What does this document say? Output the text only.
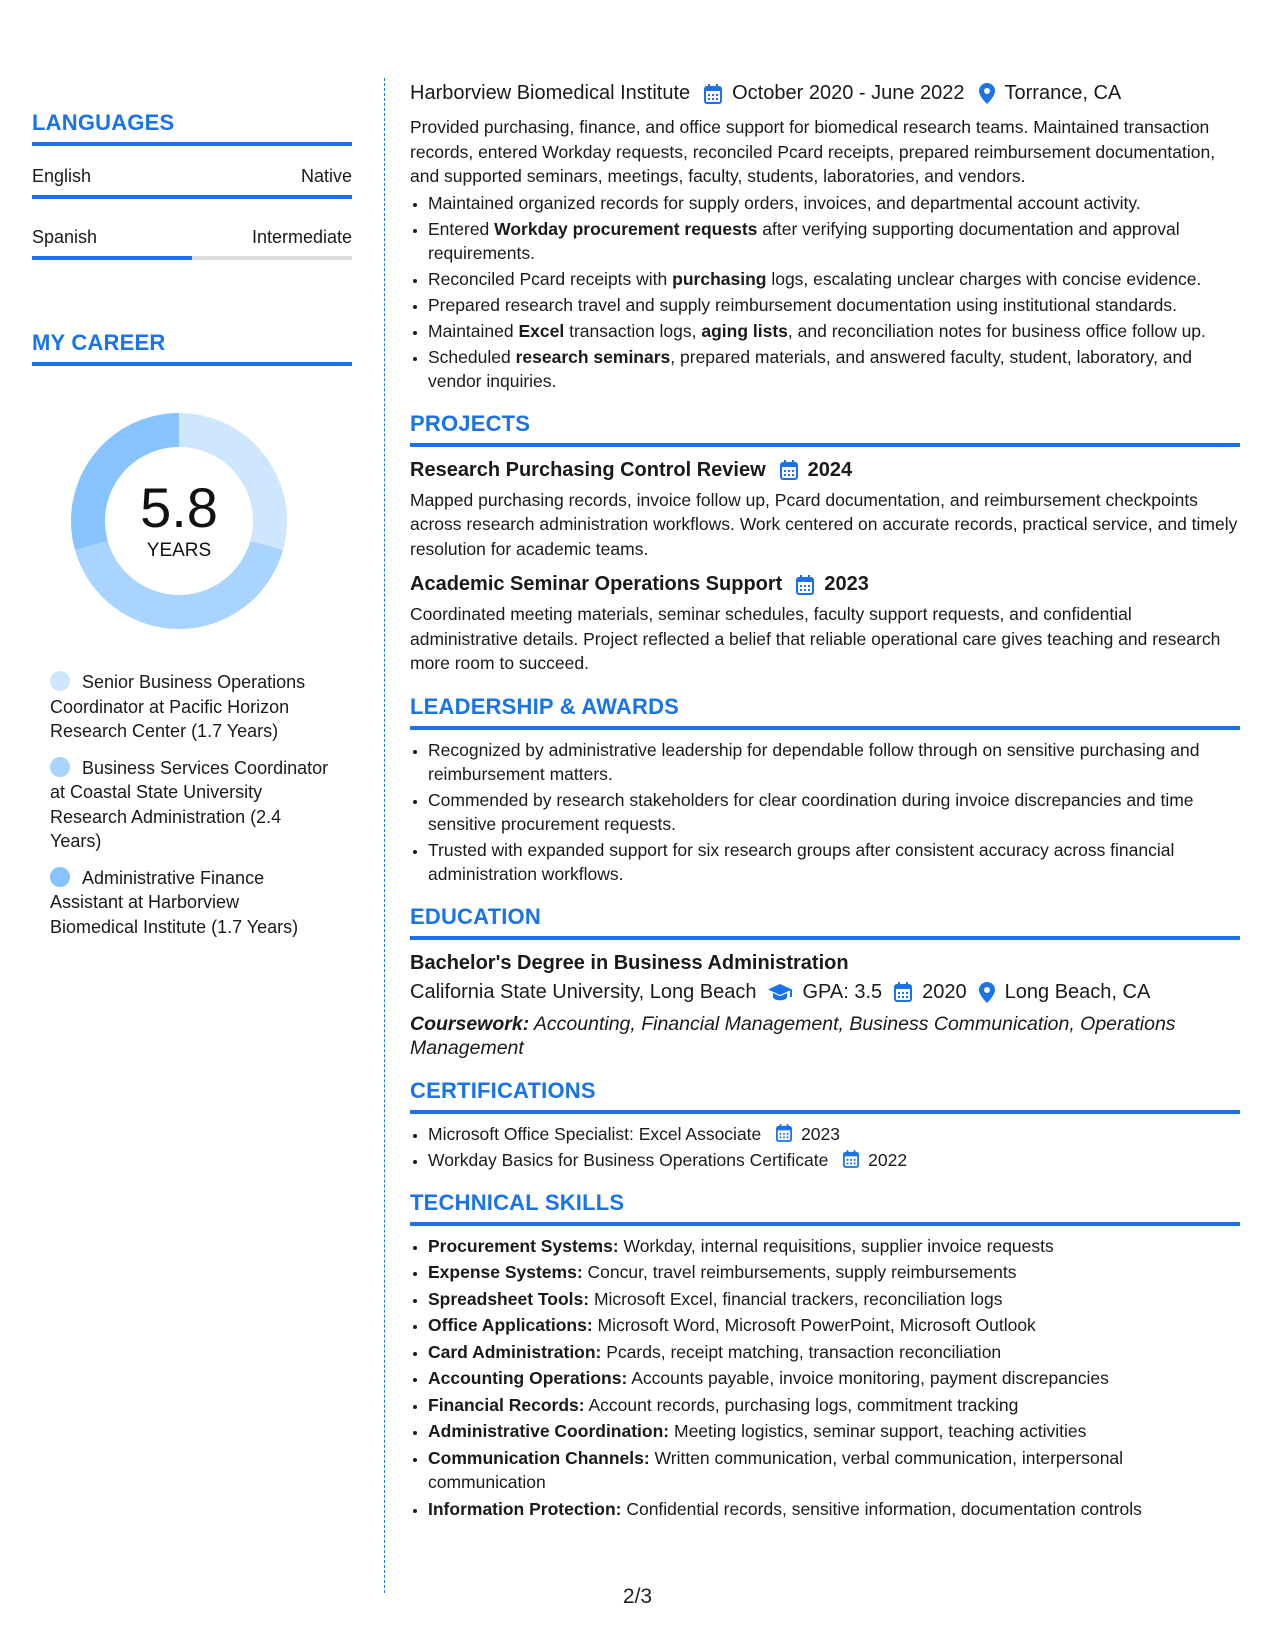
LANGUAGES
English	Native
Spanish	Intermediate
MY CAREER
5.8
YEARS
Senior Business Operations Coordinator at Pacific Horizon Research Center (1.7 Years)
Business Services Coordinator at Coastal State University Research Administration (2.4 Years)
Administrative Finance Assistant at Harborview Biomedical Institute (1.7 Years)
Harborview Biomedical Institute October 2020 - June 2022 Torrance, CA
Provided purchasing, finance, and office support for biomedical research teams. Maintained transaction records, entered Workday requests, reconciled Pcard receipts, prepared reimbursement documentation, and supported seminars, meetings, faculty, students, laboratories, and vendors.
• Maintained organized records for supply orders, invoices, and departmental account activity.
• Entered Workday procurement requests after verifying supporting documentation and approval requirements.
• Reconciled Pcard receipts with purchasing logs, escalating unclear charges with concise evidence.
• Prepared research travel and supply reimbursement documentation using institutional standards.
• Maintained Excel transaction logs, aging lists, and reconciliation notes for business office follow up.
• Scheduled research seminars, prepared materials, and answered faculty, student, laboratory, and vendor inquiries.
PROJECTS
Research Purchasing Control Review 2024
Mapped purchasing records, invoice follow up, Pcard documentation, and reimbursement checkpoints across research administration workflows. Work centered on accurate records, practical service, and timely resolution for academic teams.
Academic Seminar Operations Support 2023
Coordinated meeting materials, seminar schedules, faculty support requests, and confidential administrative details. Project reflected a belief that reliable operational care gives teaching and research more room to succeed.
LEADERSHIP & AWARDS
• Recognized by administrative leadership for dependable follow through on sensitive purchasing and reimbursement matters.
• Commended by research stakeholders for clear coordination during invoice discrepancies and time sensitive procurement requests.
• Trusted with expanded support for six research groups after consistent accuracy across financial administration workflows.
EDUCATION
Bachelor's Degree in Business Administration
California State University, Long Beach GPA: 3.5 2020 Long Beach, CA
Coursework: Accounting, Financial Management, Business Communication, Operations Management
CERTIFICATIONS
• Microsoft Office Specialist: Excel Associate 2023
• Workday Basics for Business Operations Certificate 2022
TECHNICAL SKILLS
• Procurement Systems: Workday, internal requisitions, supplier invoice requests
• Expense Systems: Concur, travel reimbursements, supply reimbursements
• Spreadsheet Tools: Microsoft Excel, financial trackers, reconciliation logs
• Office Applications: Microsoft Word, Microsoft PowerPoint, Microsoft Outlook
• Card Administration: Pcards, receipt matching, transaction reconciliation
• Accounting Operations: Accounts payable, invoice monitoring, payment discrepancies
• Financial Records: Account records, purchasing logs, commitment tracking
• Administrative Coordination: Meeting logistics, seminar support, teaching activities
• Communication Channels: Written communication, verbal communication, interpersonal communication
• Information Protection: Confidential records, sensitive information, documentation controls
2/3
